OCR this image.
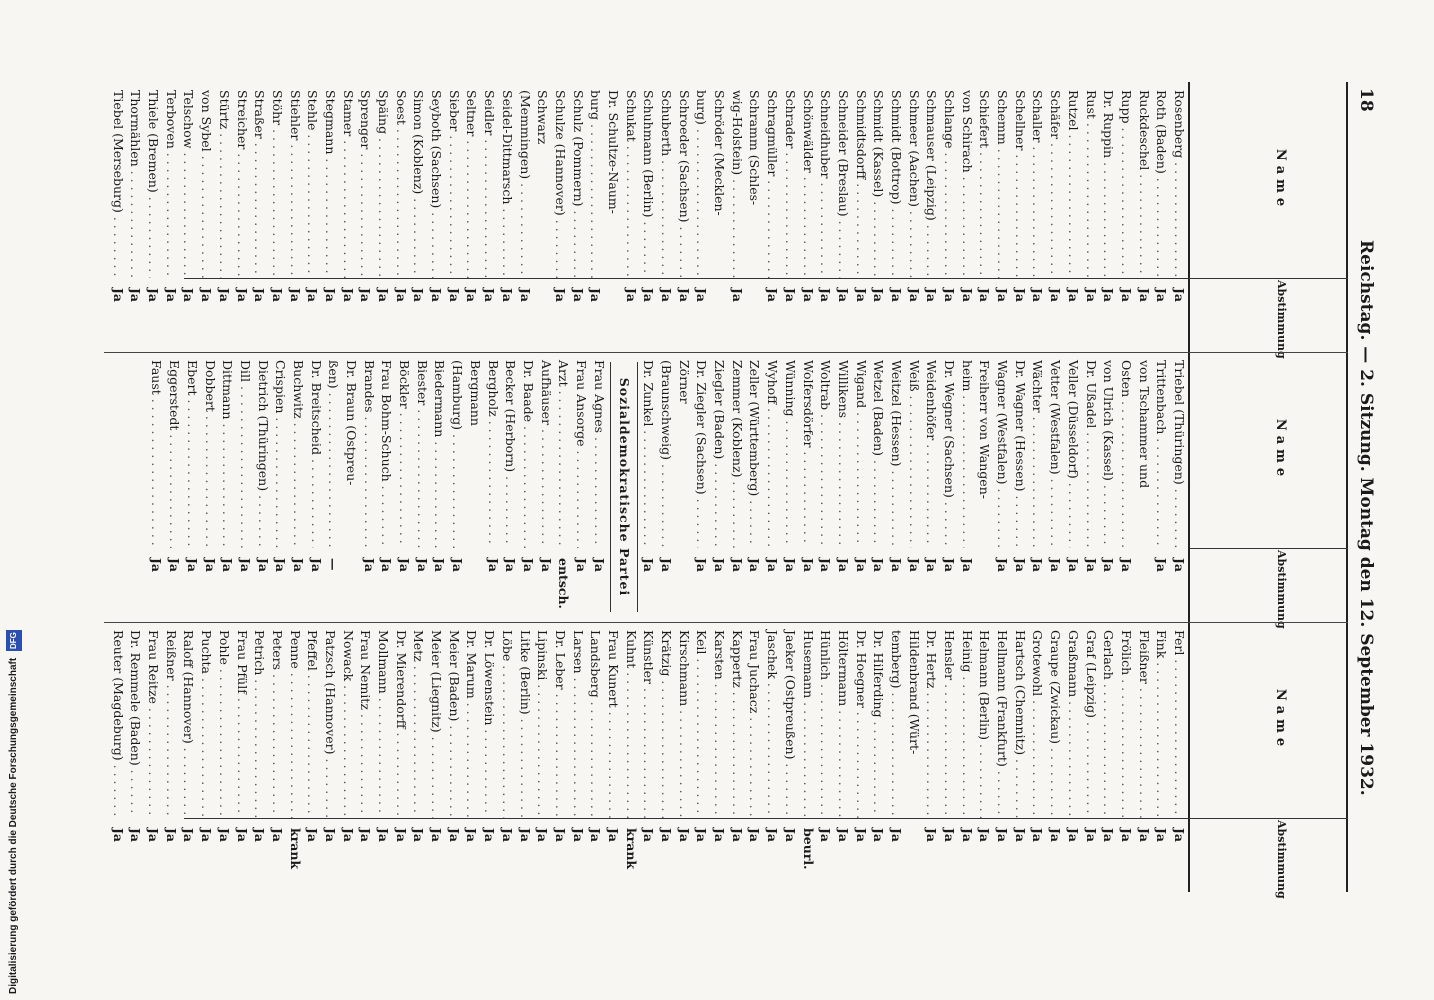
18
Reichstag. — 2. Sitzung. Montag den 12. September 1932.
Name
Abstimmung
Rosenberg . . .
Ja
Roth (Baden) . . .
Ja
Ruckdeschel . . .
Ja
Rupp . . .
Ja
Dr. Ruppin . . .
Ja
Rust . . .
Ja
Rutzel . . .
Ja
Schäfer . . .
Ja
Schaller . . .
Ja
Schellner . . .
Ja
Schemm . . .
Ja
Schiefert . . .
Ja
von Schirach . . .
Ja
Schlange . . .
Ja
Schmauser (Leipzig) . . .
Ja
Schmeer (Aachen) . . .
Ja
Schmidt (Bottrop) . . .
Ja
Schmidt (Kassel) . . .
Ja
Schmidtsdorff . . .
Ja
Schneider (Breslau) . . .
Ja
Schneidhuber . . .
Ja
Schönwälder . . .
Ja
Schrader . . .
Ja
Schragmüller . . .
Ja
Schramm (Schles-
wig-Holstein) . . .
Ja
Schröder (Mecklen-
burg) . . .
Ja
Schroeder (Sachsen) . . .
Ja
Schuberth . . .
Ja
Schuhmann (Berlin) . . .
Ja
Schukat . . .
Ja
Dr. Schultze-Naum-
burg . . .
Ja
Schulz (Pommern) . . .
Ja
Schulze (Hannover) . . .
Ja
Schwarz
(Memmingen) . . .
Ja
Seidel-Dittmarsch . . .
Ja
Seidler . . .
Ja
Seltner . . .
Ja
Sieber . . .
Ja
Seyboth (Sachsen) . . .
Ja
Simon (Koblenz) . . .
Ja
Soest . . .
Ja
Späing . . .
Ja
Sprenger . . .
Ja
Stamer . . .
Ja
Stegmann . . .
Ja
Stehle . . .
Ja
Stiehler . . .
Ja
Stöhr . . .
Ja
Straßer . . .
Ja
Streicher . . .
Ja
Stürtz . . .
Ja
von Sybel . . .
Ja
Telschow . . .
Ja
Terboven . . .
Ja
Thiele (Bremen) . . .
Ja
Thormählen . . .
Ja
Tiebel (Merseburg) . . .
Ja
Name
Abstimmung
Triebel (Thüringen) . . .
Ja
Trittenbach . . .
Ja
von Tschammer und
Osten . . .
Ja
von Ulrich (Kassel) . . .
Ja
Dr. Ußadel . . .
Ja
Veller (Düsseldorf) . . .
Ja
Vetter (Westfalen) . . .
Ja
Wächter . . .
Ja
Dr. Wagner (Hessen) . . .
Ja
Wagner (Westfalen) . . .
Ja
Freiherr von Wangen-
heim . . .
Ja
Dr. Wegner (Sachsen) . . .
Ja
Weidenhöfer . . .
Ja
Weiß . . .
Ja
Weitzel (Hessen) . . .
Ja
Wetzel (Baden) . . .
Ja
Wigand . . .
Ja
Willikens . . .
Ja
Woltrab . . .
Ja
Wolfersdörfer . . .
Ja
Wünning . . .
Ja
Wyhoff . . .
Ja
Zeller (Württemberg) . . .
Ja
Zemmer (Koblenz) . . .
Ja
Ziegler (Baden) . . .
Ja
Dr. Ziegler (Sachsen) . . .
Ja
Zörner
(Braunschweig) . . .
Ja
Dr. Zunkel . . .
Ja
Sozialdemokratische Partei
Frau Agnes . . .
Ja
Frau Ansorge . . .
Ja
Arzt . . .
entsch.
Aufhäuser . . .
Ja
Dr. Baade . . .
Ja
Becker (Herborn) . . .
Ja
Bergholz . . .
Ja
Bergmann
(Hamburg) . . .
Ja
Biedermann . . .
Ja
Biester . . .
Ja
Böckler . . .
Ja
Frau Bohm-Schuch . . .
Ja
Brandes . . .
Ja
Dr. Braun (Ostpreu-
ßen) . . .
—
Dr. Breitscheid . . .
Ja
Buchwitz . . .
Ja
Crispien . . .
Ja
Dietrich (Thüringen) . . .
Ja
Dill . . .
Ja
Dittmann . . .
Ja
Dobbert . . .
Ja
Ebert . . .
Ja
Eggerstedt . . .
Ja
Faust . . .
Ja
Name
Abstimmung
Ferl . . .
Ja
Fink . . .
Ja
Fleißner . . .
Ja
Frölich . . .
Ja
Gerlach . . .
Ja
Graf (Leipzig) . . .
Ja
Graßmann . . .
Ja
Graupe (Zwickau) . . .
Ja
Grotewohl . . .
Ja
Hartsch (Chemnitz) . . .
Ja
Hellmann (Frankfurt) . . .
Ja
Helmann (Berlin) . . .
Ja
Heinig . . .
Ja
Hensler . . .
Ja
Dr. Hertz . . .
Ja
Hildenbrand (Würt-
temberg) . . .
Ja
Dr. Hilferding . . .
Ja
Dr. Hoegner . . .
Ja
Höltermann . . .
Ja
Hünlich . . .
Ja
Husemann . . .
beurl.
Jaeker (Ostpreußen) . . .
Ja
Jaschek . . .
Ja
Frau Juchacz . . .
Ja
Kappertz . . .
Ja
Karsten . . .
Ja
Keil . . .
Ja
Kirschmann . . .
Ja
Krätzig . . .
Ja
Künstler . . .
Ja
Kuhnt . . .
krank
Frau Kunert . . .
Ja
Landsberg . . .
Ja
Larsen . . .
Ja
Dr. Leber . . .
Ja
Lipinski . . .
Ja
Litke (Berlin) . . .
Ja
Löbe . . .
Ja
Dr. Löwenstein . . .
Ja
Dr. Marum . . .
Ja
Meier (Baden) . . .
Ja
Meier (Liegnitz) . . .
Ja
Metz . . .
Ja
Dr. Mierendorff . . .
Ja
Mollmann . . .
Ja
Frau Nemitz . . .
Ja
Nowack . . .
Ja
Patzsch (Hannover) . . .
Ja
Pfeffel . . .
Ja
Penne . . .
krank
Peters . . .
Ja
Petrich . . .
Ja
Frau Pfülf . . .
Ja
Pohle . . .
Ja
Puchta . . .
Ja
Raloff (Hannover) . . .
Ja
Reißner . . .
Ja
Frau Reitze . . .
Ja
Dr. Remmele (Baden) . . .
Ja
Reuter (Magdeburg) . . .
Ja
Digitalisierung gefördert durch die Deutsche Forschungsgemeinschaft DFG
